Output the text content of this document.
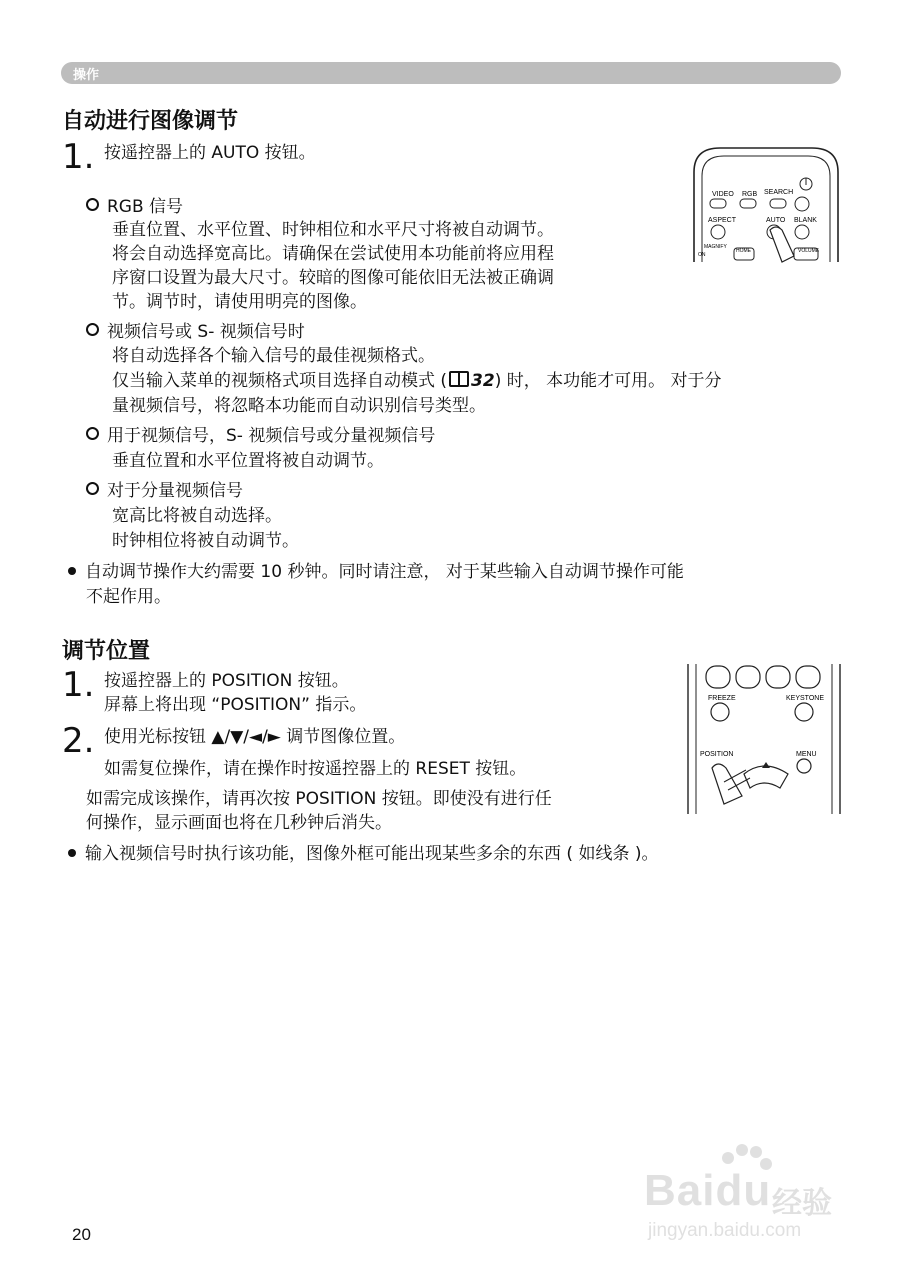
操作
自动进行图像调节
1. 按遥控器上的 AUTO 按钮。
RGB 信号
垂直位置、水平位置、时钟相位和水平尺寸将被自动调节。
将会自动选择宽高比。请确保在尝试使用本功能前将应用程
序窗口设置为最大尺寸。较暗的图像可能依旧无法被正确调
节。调节时，请使用明亮的图像。
视频信号或 S- 视频信号时
将自动选择各个输入信号的最佳视频格式。
仅当输入菜单的视频格式项目选择自动模式 ( 32) 时， 本功能才可用。 对于分
量视频信号，将忽略本功能而自动识别信号类型。
用于视频信号，S- 视频信号或分量视频信号
垂直位置和水平位置将被自动调节。
对于分量视频信号
宽高比将被自动选择。
时钟相位将被自动调节。
自动调节操作大约需要 10 秒钟。同时请注意， 对于某些输入自动调节操作可能
不起作用。
VIDEO RGB SEARCH
ASPECT	AUTO BLANK
MAGNIFY
HOME	VOLUME
ON
调节位置
1. 按遥控器上的 POSITION 按钮。
屏幕上将出现 “POSITION” 指示。
2. 使用光标按钮 ▲/▼/◄/► 调节图像位置。
如需复位操作，请在操作时按遥控器上的 RESET 按钮。
如需完成该操作，请再次按 POSITION 按钮。即使没有进行任
何操作，显示画面也将在几秒钟后消失。
输入视频信号时执行该功能，图像外框可能出现某些多余的东西 ( 如线条 )。
FREEZE	KEYSTONE
POSITION	MENU
20
Baidu 经验
jingyan.baidu.com
